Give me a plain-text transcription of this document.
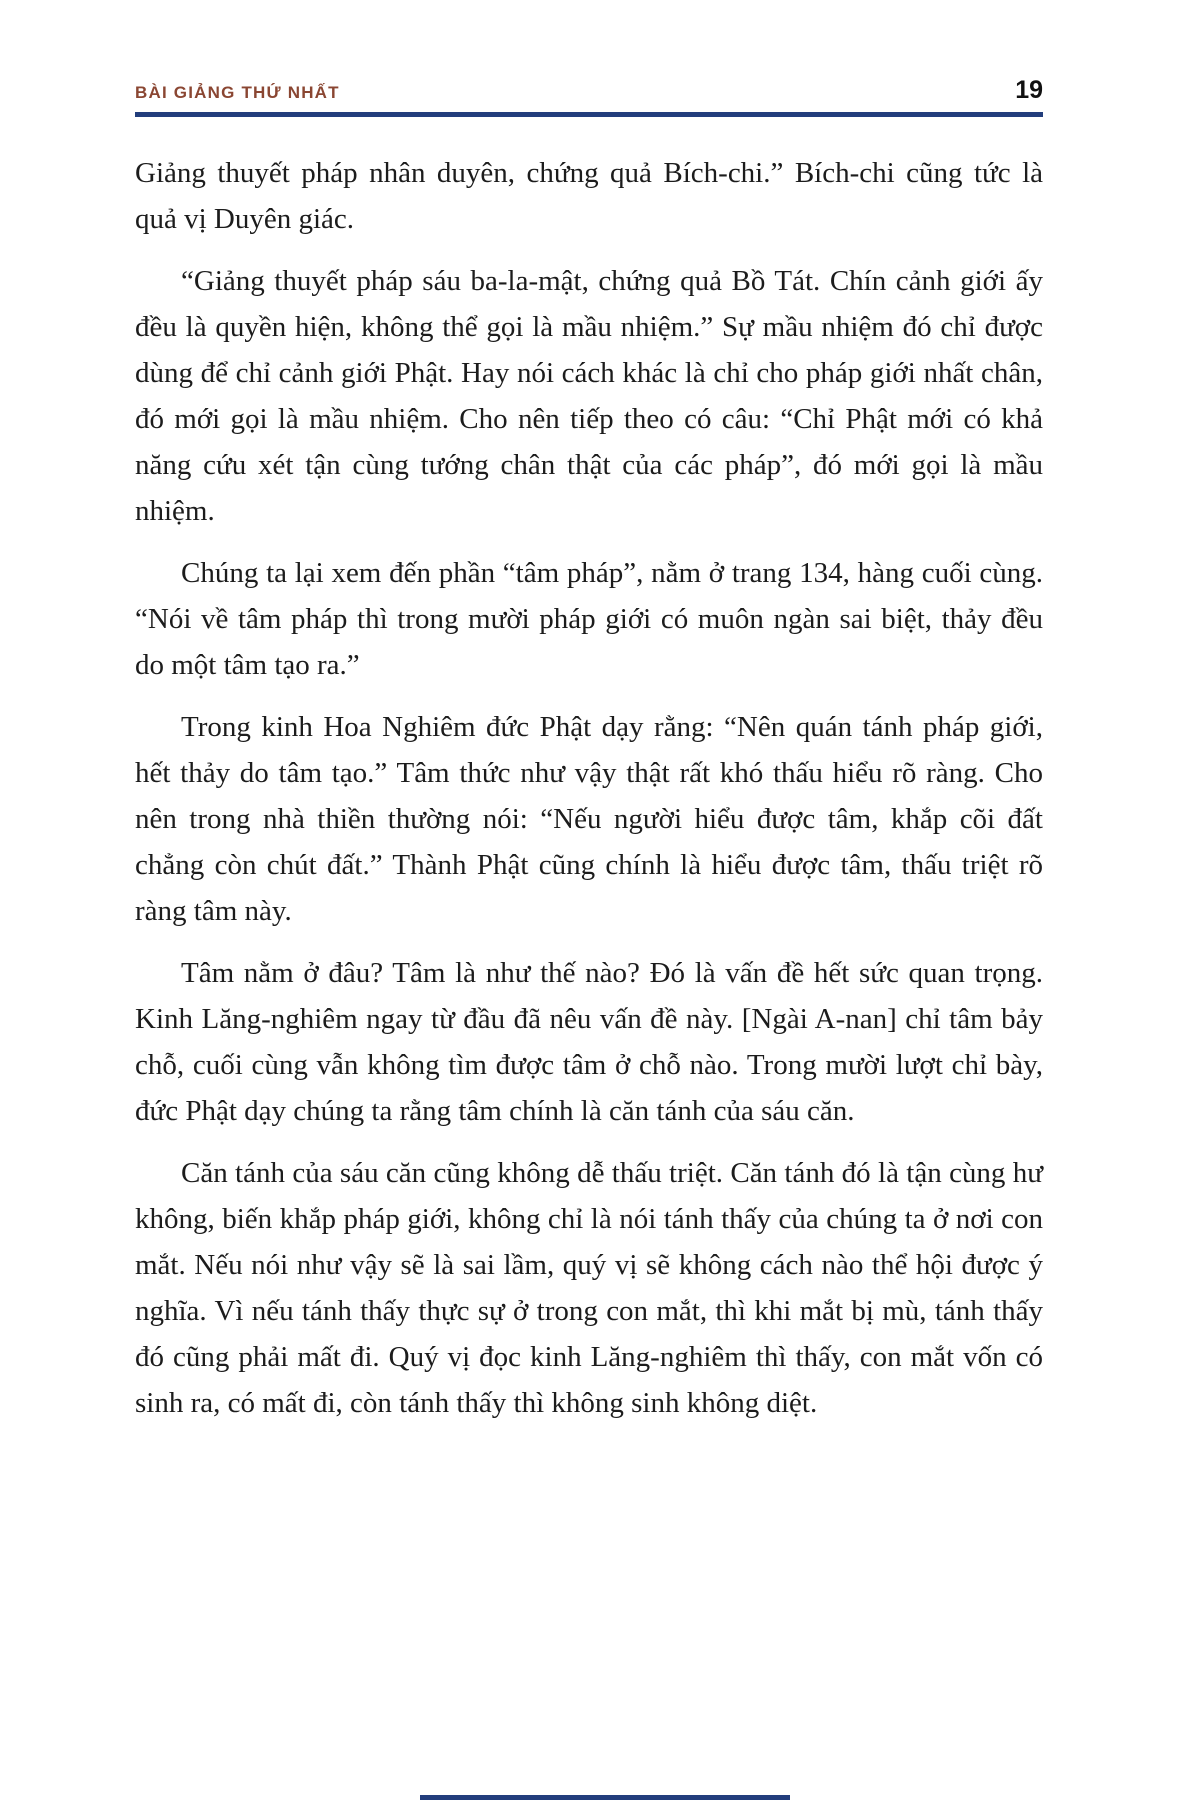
BÀI GIẢNG THỨ NHẤT	19

Giảng thuyết pháp nhân duyên, chứng quả Bích-chi.” Bích-chi cũng tức là quả vị Duyên giác.

“Giảng thuyết pháp sáu ba-la-mật, chứng quả Bồ Tát. Chín cảnh giới ấy đều là quyền hiện, không thể gọi là mầu nhiệm.” Sự mầu nhiệm đó chỉ được dùng để chỉ cảnh giới Phật. Hay nói cách khác là chỉ cho pháp giới nhất chân, đó mới gọi là mầu nhiệm. Cho nên tiếp theo có câu: “Chỉ Phật mới có khả năng cứu xét tận cùng tướng chân thật của các pháp”, đó mới gọi là mầu nhiệm.

Chúng ta lại xem đến phần “tâm pháp”, nằm ở trang 134, hàng cuối cùng. “Nói về tâm pháp thì trong mười pháp giới có muôn ngàn sai biệt, thảy đều do một tâm tạo ra.”

Trong kinh Hoa Nghiêm đức Phật dạy rằng: “Nên quán tánh pháp giới, hết thảy do tâm tạo.” Tâm thức như vậy thật rất khó thấu hiểu rõ ràng. Cho nên trong nhà thiền thường nói: “Nếu người hiểu được tâm, khắp cõi đất chẳng còn chút đất.” Thành Phật cũng chính là hiểu được tâm, thấu triệt rõ ràng tâm này.

Tâm nằm ở đâu? Tâm là như thế nào? Đó là vấn đề hết sức quan trọng. Kinh Lăng-nghiêm ngay từ đầu đã nêu vấn đề này. [Ngài A-nan] chỉ tâm bảy chỗ, cuối cùng vẫn không tìm được tâm ở chỗ nào. Trong mười lượt chỉ bày, đức Phật dạy chúng ta rằng tâm chính là căn tánh của sáu căn.

Căn tánh của sáu căn cũng không dễ thấu triệt. Căn tánh đó là tận cùng hư không, biến khắp pháp giới, không chỉ là nói tánh thấy của chúng ta ở nơi con mắt. Nếu nói như vậy sẽ là sai lầm, quý vị sẽ không cách nào thể hội được ý nghĩa. Vì nếu tánh thấy thực sự ở trong con mắt, thì khi mắt bị mù, tánh thấy đó cũng phải mất đi. Quý vị đọc kinh Lăng-nghiêm thì thấy, con mắt vốn có sinh ra, có mất đi, còn tánh thấy thì không sinh không diệt.
